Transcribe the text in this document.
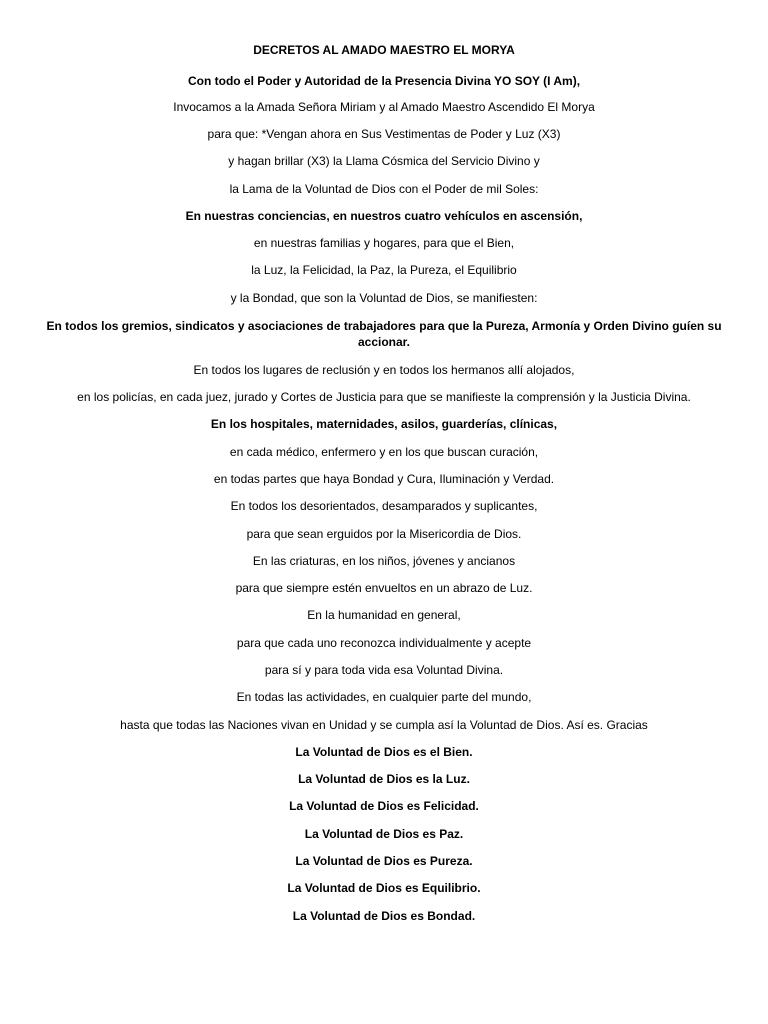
DECRETOS AL AMADO MAESTRO EL MORYA
Con todo el Poder y Autoridad de la Presencia Divina YO SOY (I Am),
Invocamos a la Amada Señora Miriam y al Amado Maestro Ascendido El Morya
para que: *Vengan ahora en Sus Vestimentas de Poder y Luz (X3)
y hagan brillar (X3) la Llama Cósmica del Servicio Divino y
la Lama de la Voluntad de Dios con el Poder de mil Soles:
En nuestras conciencias, en nuestros cuatro vehículos en ascensión,
en nuestras familias y hogares, para que el Bien,
la Luz, la Felicidad, la Paz, la Pureza, el Equilibrio
y la Bondad, que son la Voluntad de Dios, se manifiesten:
En todos los gremios, sindicatos y asociaciones de trabajadores para que la Pureza, Armonía y Orden Divino guíen su accionar.
En todos los lugares de reclusión y en todos los hermanos allí alojados,
en los policías, en cada juez, jurado y Cortes de Justicia para que se manifieste la comprensión y la Justicia Divina.
En los hospitales, maternidades, asilos, guarderías, clínicas,
en cada médico, enfermero y en los que buscan curación,
en todas partes que haya Bondad y Cura, Iluminación y Verdad.
En todos los desorientados, desamparados y suplicantes,
para que sean erguidos por la Misericordia de Dios.
En las criaturas, en los niños, jóvenes y ancianos
para que siempre estén envueltos en un abrazo de Luz.
En la humanidad en general,
para que cada uno reconozca individualmente y acepte
para sí y para toda vida esa Voluntad Divina.
En todas las actividades, en cualquier parte del mundo,
hasta que todas las Naciones vivan en Unidad y se cumpla así la Voluntad de Dios. Así es. Gracias
La Voluntad de Dios es el Bien.
La Voluntad de Dios es la Luz.
La Voluntad de Dios es Felicidad.
La Voluntad de Dios es Paz.
La Voluntad de Dios es Pureza.
La Voluntad de Dios es Equilibrio.
La Voluntad de Dios es Bondad.
